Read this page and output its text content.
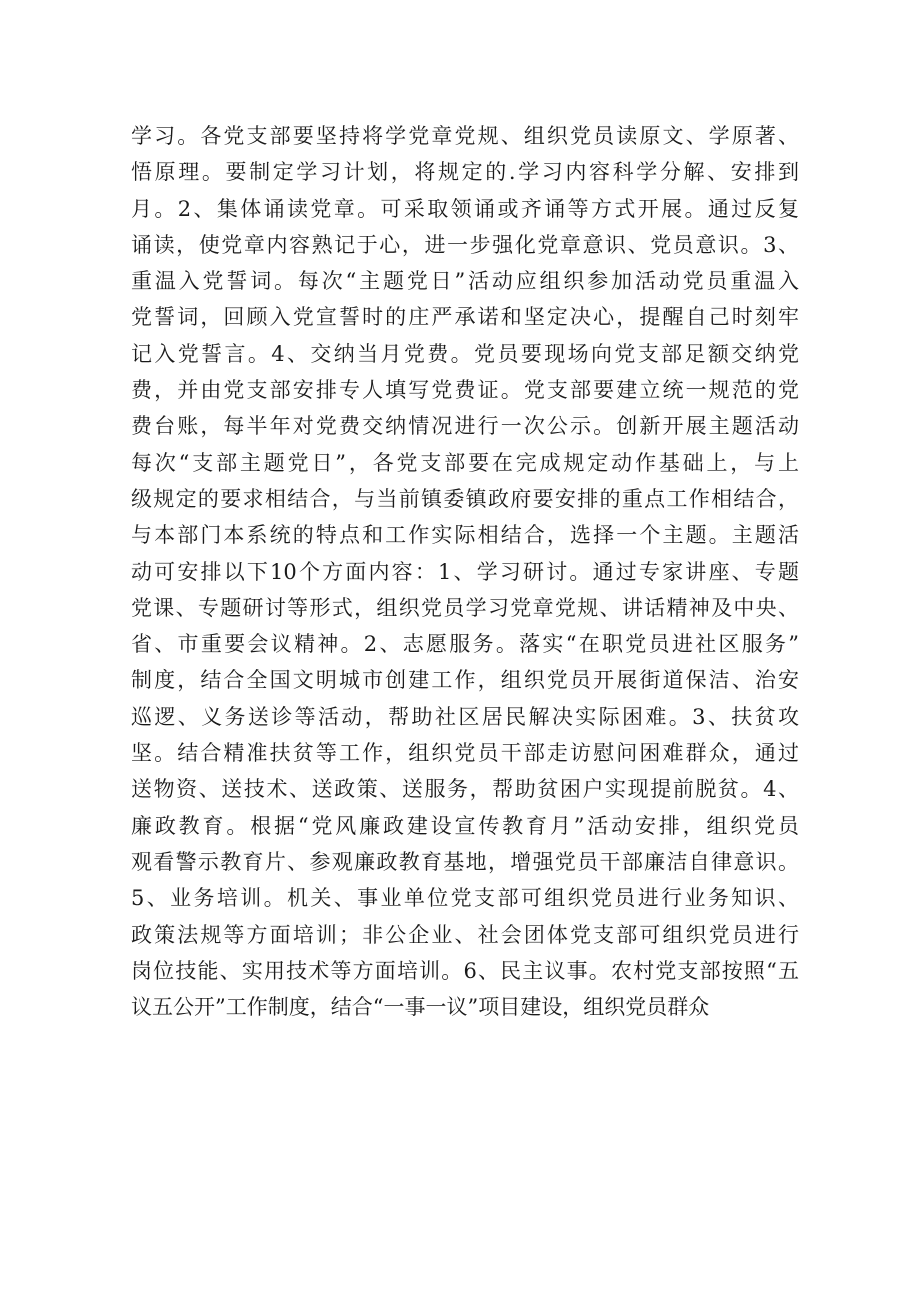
学习。各党支部要坚持将学党章党规、组织党员读原文、学原著、
悟原理。要制定学习计划，将规定的.学习内容科学分解、安排到
月。2、集体诵读党章。可采取领诵或齐诵等方式开展。通过反复
诵读，使党章内容熟记于心，进一步强化党章意识、党员意识。3、
重温入党誓词。每次“主题党日”活动应组织参加活动党员重温入
党誓词，回顾入党宣誓时的庄严承诺和坚定决心，提醒自己时刻牢
记入党誓言。4、交纳当月党费。党员要现场向党支部足额交纳党
费，并由党支部安排专人填写党费证。党支部要建立统一规范的党
费台账，每半年对党费交纳情况进行一次公示。创新开展主题活动
每次“支部主题党日”，各党支部要在完成规定动作基础上，与上
级规定的要求相结合，与当前镇委镇政府要安排的重点工作相结合，
与本部门本系统的特点和工作实际相结合，选择一个主题。主题活
动可安排以下10个方面内容：1、学习研讨。通过专家讲座、专题
党课、专题研讨等形式，组织党员学习党章党规、讲话精神及中央、
省、市重要会议精神。2、志愿服务。落实“在职党员进社区服务”
制度，结合全国文明城市创建工作，组织党员开展街道保洁、治安
巡逻、义务送诊等活动，帮助社区居民解决实际困难。3、扶贫攻
坚。结合精准扶贫等工作，组织党员干部走访慰问困难群众，通过
送物资、送技术、送政策、送服务，帮助贫困户实现提前脱贫。4、
廉政教育。根据“党风廉政建设宣传教育月”活动安排，组织党员
观看警示教育片、参观廉政教育基地，增强党员干部廉洁自律意识。
5、业务培训。机关、事业单位党支部可组织党员进行业务知识、
政策法规等方面培训；非公企业、社会团体党支部可组织党员进行
岗位技能、实用技术等方面培训。6、民主议事。农村党支部按照“五
议五公开”工作制度，结合“一事一议”项目建设，组织党员群众
